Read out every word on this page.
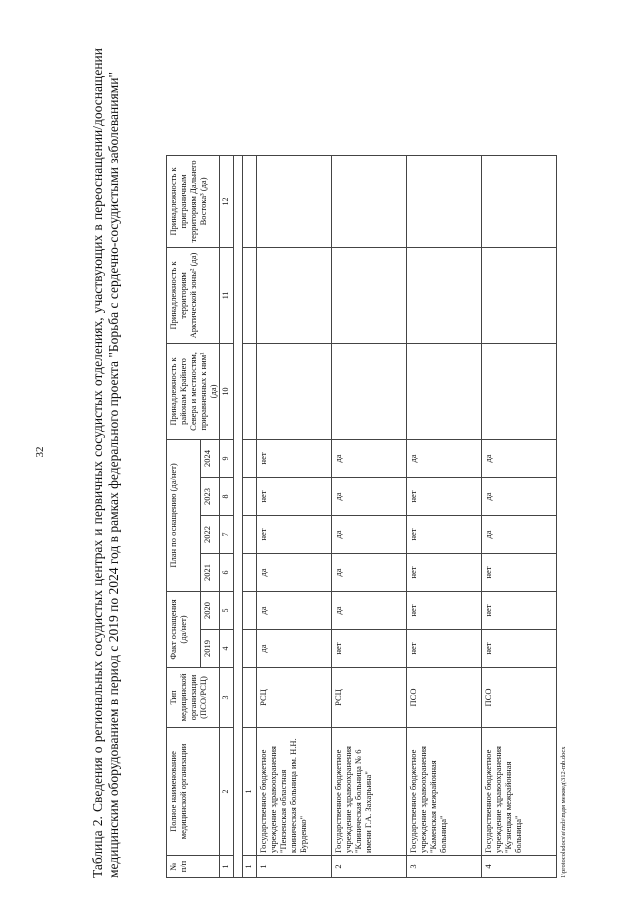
32	Таблица 2. Сведения о региональных сосудистых центрах и первичных сосудистых отделениях, участвующих в переоснащении/дооснащении медицинским оборудованием в период с 2019 по 2024 год в рамках федерального проекта "Борьба с сердечно-сосудистыми заболеваниями"	№ п/п	Полное наименование медицинской организации	Тип медицинской организации (ПСО/РСЦ)	Факт оснащения (да/нет)		План по оснащению (да/нет)				Принадлежность к районам Крайнего Севера и местностям, приравненных к ним¹ (да)	Принадлежность к территориям Арктической зоны² (да)	Принадлежность к приграничным территориям Дальнего Востока³ (да)
			2019	2020	2021	2022	2023	2024			
1	2	3	4	5	6	7	8	9	10	11	12

1	1										
1	Государственное бюджетное учреждение здравоохранения "Пензенская областная клиническая больница им. Н.Н. Бурденко"	РСЦ	да	да	да	нет	нет	нет			
2	Государственное бюджетное учреждение здравоохранения "Клиническая больница № 6 имени Г.А. Захарьина"	РСЦ	нет	да	да	да	да	да			
3	Государственное бюджетное учреждение здравоохранения "Каменская межрайонная больница"	ПСО	нет	нет	нет	нет	нет	да			
4	Государственное бюджетное учреждение здравоохранения "Кузнецкая межрайонная больница"	ПСО	нет	нет	нет	да	да	да			
1\protocolsdocs\в\mdз\mдм межвед\312-mb.docx
